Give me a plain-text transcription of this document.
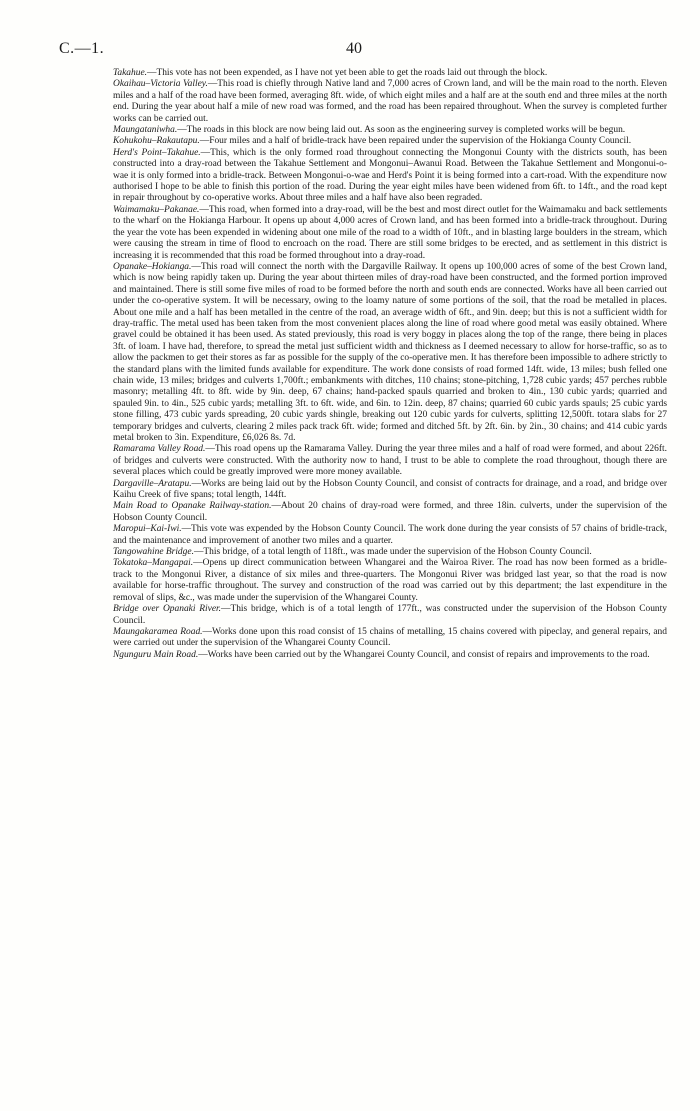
C.—1.	40

Takahue.—This vote has not been expended, as I have not yet been able to get the roads laid out through the block.

Okaihau–Victoria Valley.—This road is chiefly through Native land and 7,000 acres of Crown land, and will be the main road to the north. Eleven miles and a half of the road have been formed, averaging 8ft. wide, of which eight miles and a half are at the south end and three miles at the north end. During the year about half a mile of new road was formed, and the road has been repaired throughout. When the survey is completed further works can be carried out.

Maungataniwha.—The roads in this block are now being laid out. As soon as the engineering survey is completed works will be begun.

Kohukohu–Rakautapu.—Four miles and a half of bridle-track have been repaired under the supervision of the Hokianga County Council.

Herd's Point–Takahue.—This, which is the only formed road throughout connecting the Mongonui County with the districts south, has been constructed into a dray-road between the Takahue Settlement and Mongonui–Awanui Road. Between the Takahue Settlement and Mongonui-o-wae it is only formed into a bridle-track. Between Mongonui-o-wae and Herd's Point it is being formed into a cart-road. With the expenditure now authorised I hope to be able to finish this portion of the road. During the year eight miles have been widened from 6ft. to 14ft., and the road kept in repair throughout by co-operative works. About three miles and a half have also been regraded.

Waimamaku–Pakanae.—This road, when formed into a dray-road, will be the best and most direct outlet for the Waimamaku and back settlements to the wharf on the Hokianga Harbour. It opens up about 4,000 acres of Crown land, and has been formed into a bridle-track throughout. During the year the vote has been expended in widening about one mile of the road to a width of 10ft., and in blasting large boulders in the stream, which were causing the stream in time of flood to encroach on the road. There are still some bridges to be erected, and as settlement in this district is increasing it is recommended that this road be formed throughout into a dray-road.

Opanake–Hokianga.—This road will connect the north with the Dargaville Railway. It opens up 100,000 acres of some of the best Crown land, which is now being rapidly taken up. During the year about thirteen miles of dray-road have been constructed, and the formed portion improved and maintained. There is still some five miles of road to be formed before the north and south ends are connected. Works have all been carried out under the co-operative system. It will be necessary, owing to the loamy nature of some portions of the soil, that the road be metalled in places. About one mile and a half has been metalled in the centre of the road, an average width of 6ft., and 9in. deep; but this is not a sufficient width for dray-traffic. The metal used has been taken from the most convenient places along the line of road where good metal was easily obtained. Where gravel could be obtained it has been used. As stated previously, this road is very boggy in places along the top of the range, there being in places 3ft. of loam. I have had, therefore, to spread the metal just sufficient width and thickness as I deemed necessary to allow for horse-traffic, so as to allow the packmen to get their stores as far as possible for the supply of the co-operative men. It has therefore been impossible to adhere strictly to the standard plans with the limited funds available for expenditure. The work done consists of road formed 14ft. wide, 13 miles; bush felled one chain wide, 13 miles; bridges and culverts 1,700ft.; embankments with ditches, 110 chains; stone-pitching, 1,728 cubic yards; 457 perches rubble masonry; metalling 4ft. to 8ft. wide by 9in. deep, 67 chains; hand-packed spauls quarried and broken to 4in., 130 cubic yards; quarried and spauled 9in. to 4in., 525 cubic yards; metalling 3ft. to 6ft. wide, and 6in. to 12in. deep, 87 chains; quarried 60 cubic yards spauls; 25 cubic yards stone filling, 473 cubic yards spreading, 20 cubic yards shingle, breaking out 120 cubic yards for culverts, splitting 12,500ft. totara slabs for 27 temporary bridges and culverts, clearing 2 miles pack track 6ft. wide; formed and ditched 5ft. by 2ft. 6in. by 2in., 30 chains; and 414 cubic yards metal broken to 3in. Expenditure, £6,026 8s. 7d.

Ramarama Valley Road.—This road opens up the Ramarama Valley. During the year three miles and a half of road were formed, and about 226ft. of bridges and culverts were constructed. With the authority now to hand, I trust to be able to complete the road throughout, though there are several places which could be greatly improved were more money available.

Dargaville–Aratapu.—Works are being laid out by the Hobson County Council, and consist of contracts for drainage, and a road, and bridge over Kaihu Creek of five spans; total length, 144ft.

Main Road to Opanake Railway-station.—About 20 chains of dray-road were formed, and three 18in. culverts, under the supervision of the Hobson County Council.

Maropui–Kai-Iwi.—This vote was expended by the Hobson County Council. The work done during the year consists of 57 chains of bridle-track, and the maintenance and improvement of another two miles and a quarter.

Tangowahine Bridge.—This bridge, of a total length of 118ft., was made under the supervision of the Hobson County Council.

Tokatoka–Mangapai.—Opens up direct communication between Whangarei and the Wairoa River. The road has now been formed as a bridle-track to the Mongonui River, a distance of six miles and three-quarters. The Mongonui River was bridged last year, so that the road is now available for horse-traffic throughout. The survey and construction of the road was carried out by this department; the last expenditure in the removal of slips, &c., was made under the supervision of the Whangarei County.

Bridge over Opanaki River.—This bridge, which is of a total length of 177ft., was constructed under the supervision of the Hobson County Council.

Maungakaramea Road.—Works done upon this road consist of 15 chains of metalling, 15 chains covered with pipeclay, and general repairs, and were carried out under the supervision of the Whangarei County Council.

Ngunguru Main Road.—Works have been carried out by the Whangarei County Council, and consist of repairs and improvements to the road.
